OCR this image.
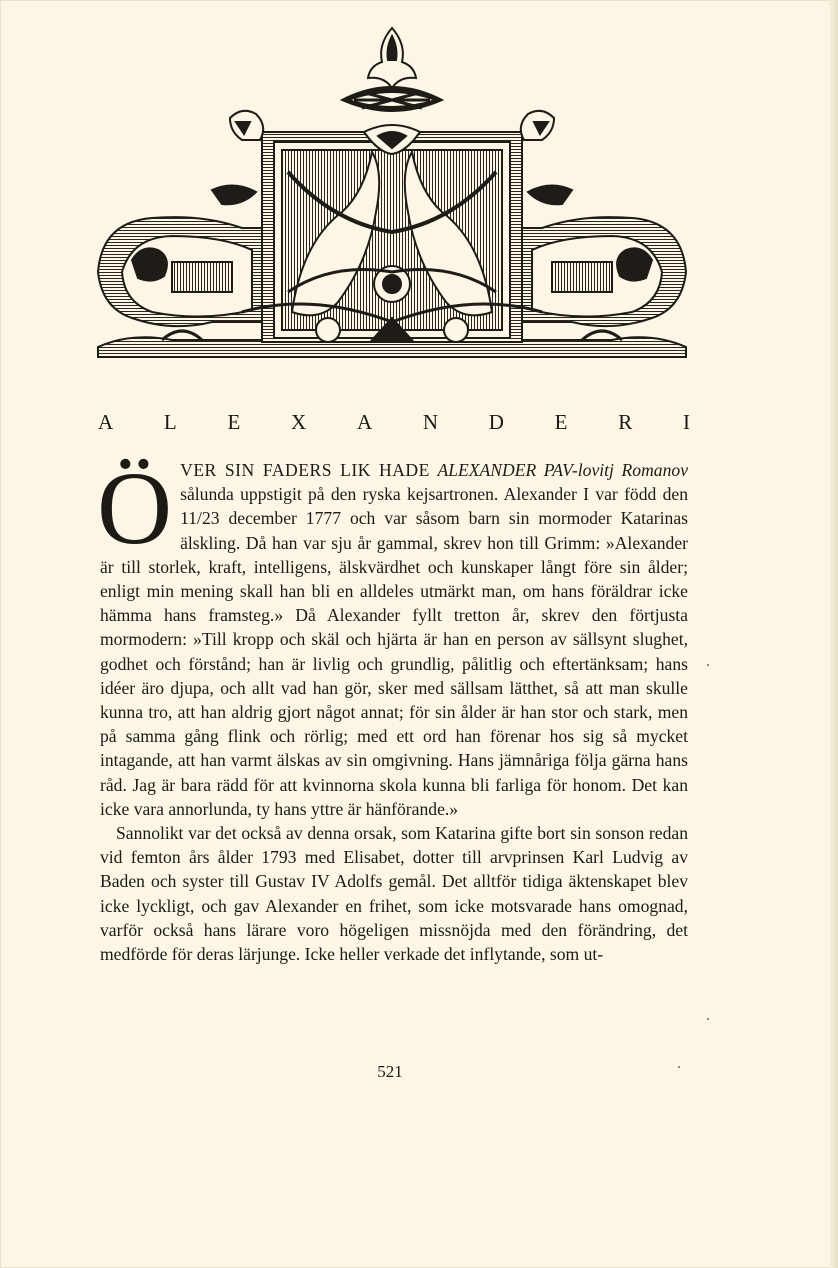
A L E X A N D E R I

Ö VER SIN FADERS LIK HADE ALEXANDER PAV-lovitj Romanov sålunda uppstigit på den ryska kejsartronen. Alexander I var född den 11/23 december 1777 och var såsom barn sin mormoder Katarinas älskling. Då han var sju år gammal, skrev hon till Grimm: »Alexander är till storlek, kraft, intelligens, älskvärdhet och kunskaper långt före sin ålder; enligt min mening skall han bli en alldeles utmärkt man, om hans föräldrar icke hämma hans framsteg.» Då Alexander fyllt tretton år, skrev den förtjusta mormodern: »Till kropp och skäl och hjärta är han en person av sällsynt slughet, godhet och förstånd; han är livlig och grundlig, pålitlig och eftertänksam; hans idéer äro djupa, och allt vad han gör, sker med sällsam lätthet, så att man skulle kunna tro, att han aldrig gjort något annat; för sin ålder är han stor och stark, men på samma gång flink och rörlig; med ett ord han förenar hos sig så mycket intagande, att han varmt älskas av sin omgivning. Hans jämnåriga följa gärna hans råd. Jag är bara rädd för att kvinnorna skola kunna bli farliga för honom. Det kan icke vara annorlunda, ty hans yttre är hänförande.»

Sannolikt var det också av denna orsak, som Katarina gifte bort sin sonson redan vid femton års ålder 1793 med Elisabet, dotter till arvprinsen Karl Ludvig av Baden och syster till Gustav IV Adolfs gemål. Det alltför tidiga äktenskapet blev icke lyckligt, och gav Alexander en frihet, som icke motsvarade hans omognad, varför också hans lärare voro högeligen missnöjda med den förändring, det medförde för deras lärjunge. Icke heller verkade det inflytande, som ut-

521
